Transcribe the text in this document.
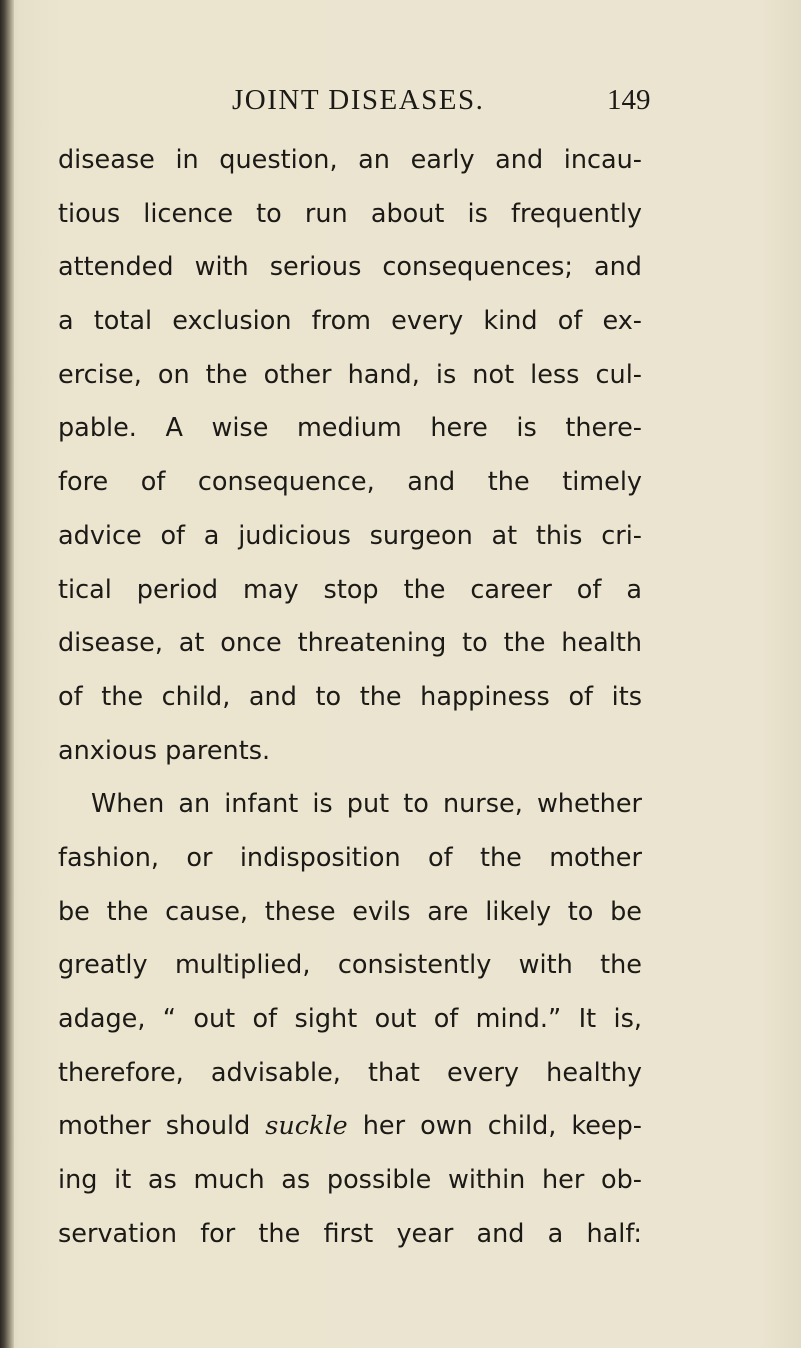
JOINT DISEASES.	149
disease in question, an early and incau-
tious licence to run about is frequently
attended with serious consequences; and
a total exclusion from every kind of ex-
ercise, on the other hand, is not less cul-
pable. A wise medium here is there-
fore of consequence, and the timely
advice of a judicious surgeon at this cri-
tical period may stop the career of a
disease, at once threatening to the health
of the child, and to the happiness of its
anxious parents.
When an infant is put to nurse, whether
fashion, or indisposition of the mother
be the cause, these evils are likely to be
greatly multiplied, consistently with the
adage, “ out of sight out of mind.” It is,
therefore, advisable, that every healthy
mother should suckle her own child, keep-
ing it as much as possible within her ob-
servation for the first year and a half:
